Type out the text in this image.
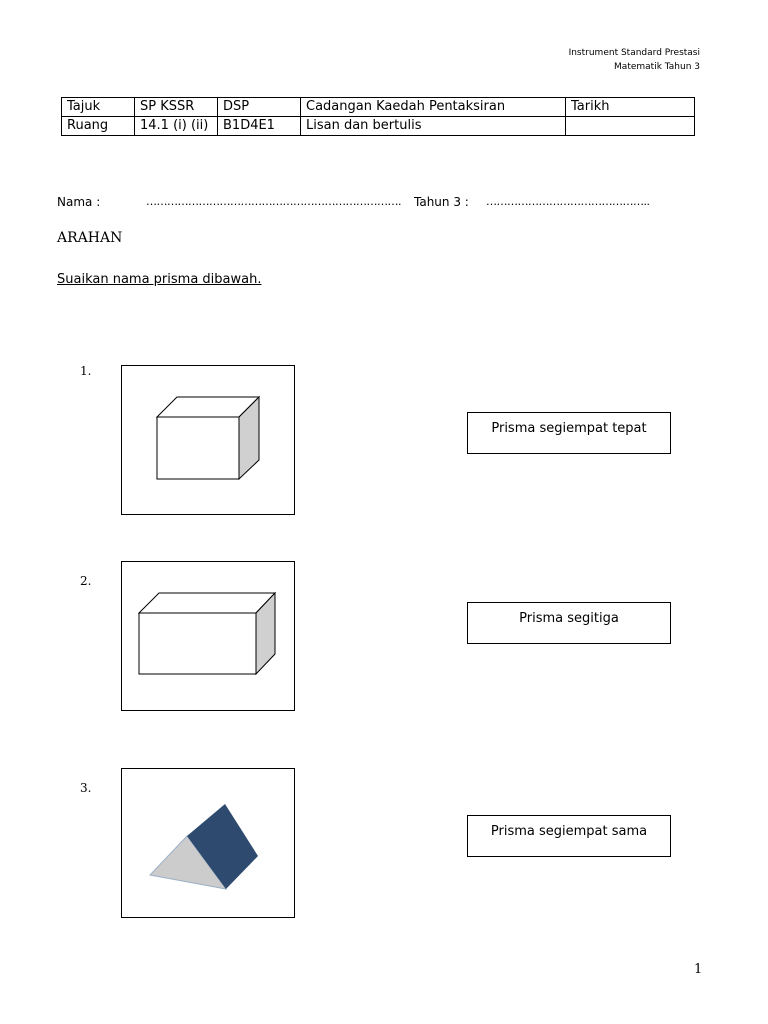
Instrument Standard Prestasi
Matematik Tahun 3
Tajuk	SP KSSR	DSP	Cadangan Kaedah Pentaksiran	Tarikh
Ruang	14.1 (i) (ii)	B1D4E1	Lisan dan bertulis	
Nama :	………………………………………………………………. Tahun 3 : ………………………………………..
ARAHAN
Suaikan nama prisma dibawah.
1.
Prisma segiempat tepat
2.
Prisma segitiga
3.
Prisma segiempat sama
1
